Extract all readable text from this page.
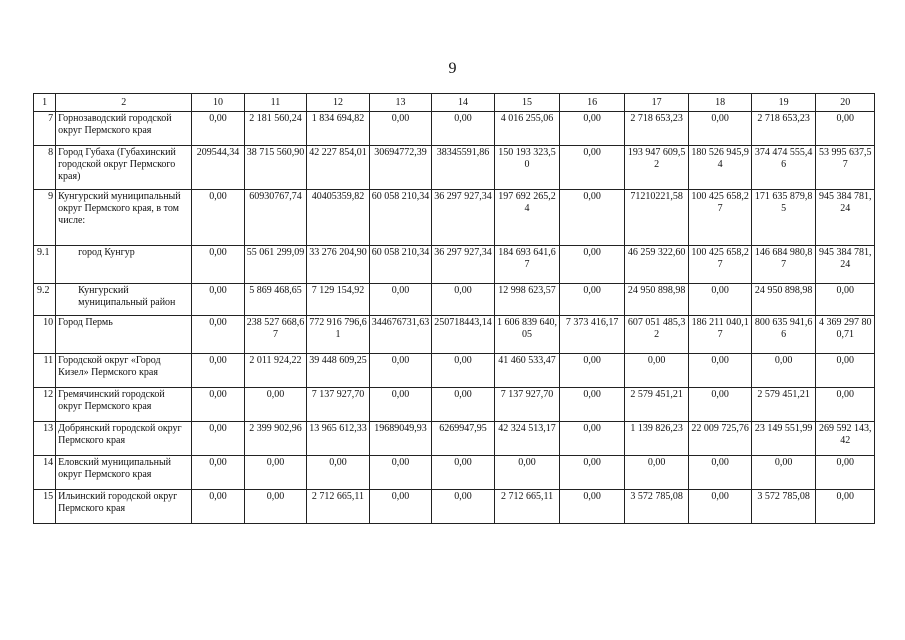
9
1	2	10	11	12	13	14	15	16	17	18	19	20
7	Горнозаводский городской округ Пермского края	0,00	2 181 560,24	1 834 694,82	0,00	0,00	4 016 255,06	0,00	2 718 653,23	0,00	2 718 653,23	0,00
8	Город Губаха (Губахинский городской округ Пермского края)	209544,34	38 715 560,90	42 227 854,01	30694772,39	38345591,86	150 193 323,50	0,00	193 947 609,52	180 526 945,94	374 474 555,46	53 995 637,57
9	Кунгурский муниципальный округ Пермского края, в том числе:	0,00	60930767,74	40405359,82	60 058 210,34	36 297 927,34	197 692 265,24	0,00	71210221,58	100 425 658,27	171 635 879,85	945 384 781,24
9.1	город Кунгур	0,00	55 061 299,09	33 276 204,90	60 058 210,34	36 297 927,34	184 693 641,67	0,00	46 259 322,60	100 425 658,27	146 684 980,87	945 384 781,24
9.2	Кунгурский муниципальный район	0,00	5 869 468,65	7 129 154,92	0,00	0,00	12 998 623,57	0,00	24 950 898,98	0,00	24 950 898,98	0,00
10	Город Пермь	0,00	238 527 668,67	772 916 796,61	344676731,63	250718443,14	1 606 839 640,05	7 373 416,17	607 051 485,32	186 211 040,17	800 635 941,66	4 369 297 800,71
11	Городской округ «Город Кизел» Пермского края	0,00	2 011 924,22	39 448 609,25	0,00	0,00	41 460 533,47	0,00	0,00	0,00	0,00	0,00
12	Гремячинский городской округ Пермского края	0,00	0,00	7 137 927,70	0,00	0,00	7 137 927,70	0,00	2 579 451,21	0,00	2 579 451,21	0,00
13	Добрянский городской округ Пермского края	0,00	2 399 902,96	13 965 612,33	19689049,93	6269947,95	42 324 513,17	0,00	1 139 826,23	22 009 725,76	23 149 551,99	269 592 143,42
14	Еловский муниципальный округ Пермского края	0,00	0,00	0,00	0,00	0,00	0,00	0,00	0,00	0,00	0,00	0,00
15	Ильинский городской округ Пермского края	0,00	0,00	2 712 665,11	0,00	0,00	2 712 665,11	0,00	3 572 785,08	0,00	3 572 785,08	0,00
